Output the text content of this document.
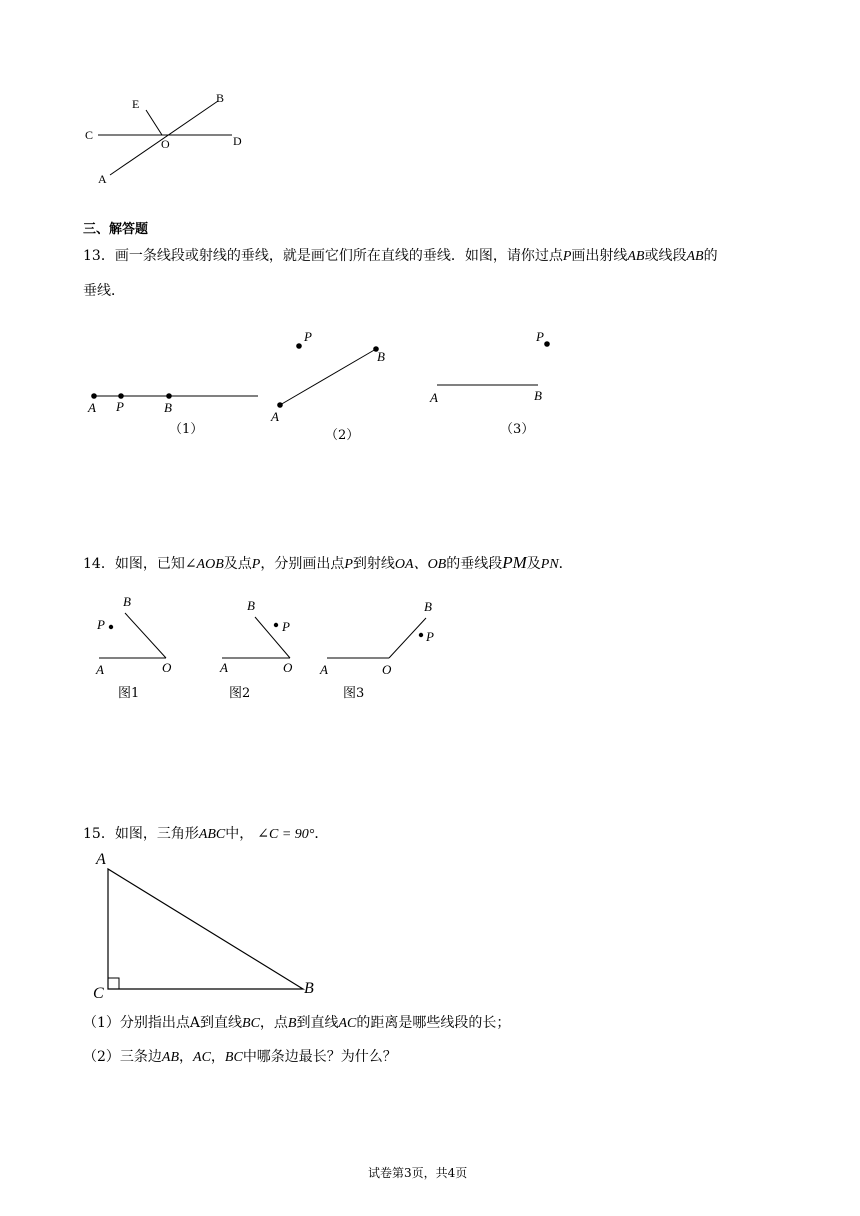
E	B
C
O	D
A
三、解答题
13．画一条线段或射线的垂线，就是画它们所在直线的垂线．如图，请你过点P画出射线AB或线段AB的
垂线．
A P	B
（1）
P
B
A
（2）
P
A	B
（3）
14．如图，已知∠AOB及点P，分别画出点P到射线OA、OB的垂线段PM及PN．
B
P
A	O
图1
B
P
A	O
图2
B
P
A	O
图3
15．如图，三角形ABC中， ∠C = 90°．
A
C	B
（1）分别指出点A到直线BC，点B到直线AC的距离是哪些线段的长；
（2）三条边AB，AC，BC中哪条边最长？为什么？
试卷第3页，共4页
